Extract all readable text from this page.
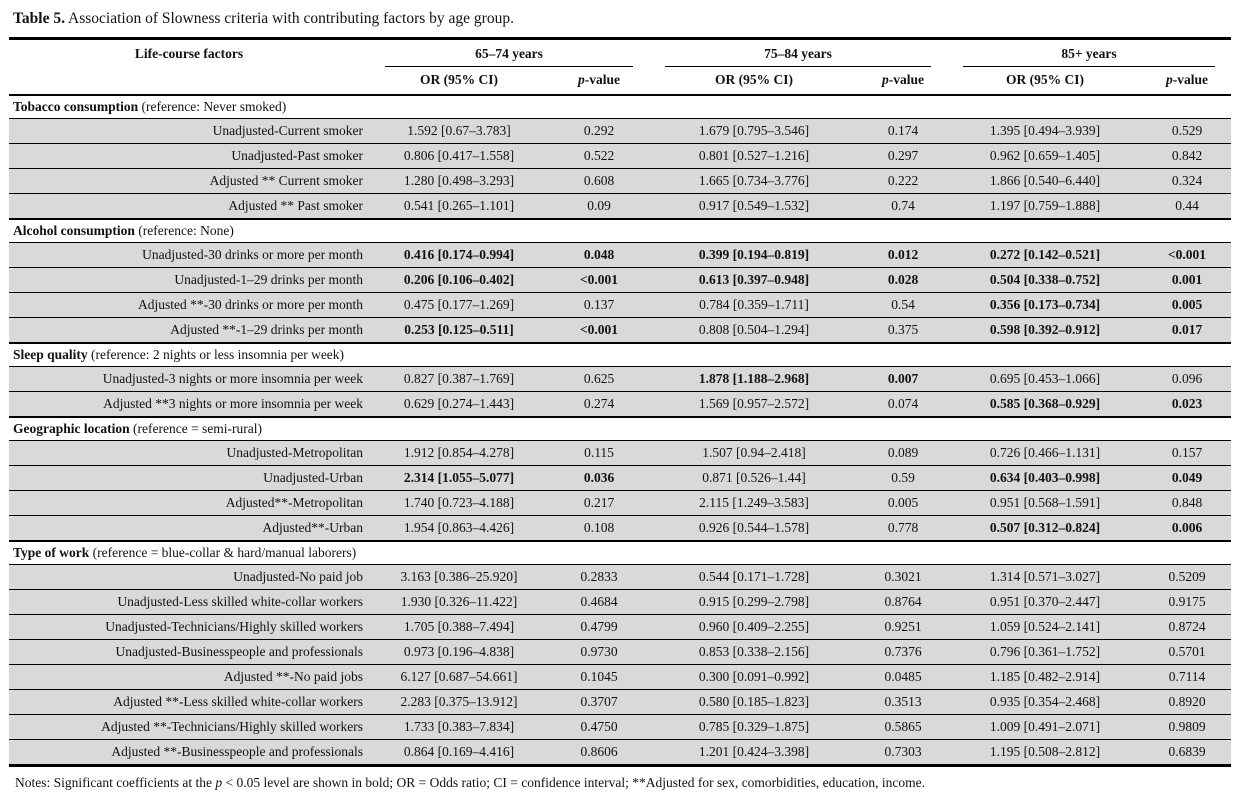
Table 5. Association of Slowness criteria with contributing factors by age group.
Life-course factors	65–74 years		75–84 years		85+ years	

	OR (95% CI)	p-value	OR (95% CI)	p-value	OR (95% CI)	p-value
Tobacco consumption (reference: Never smoked)						
Unadjusted-Current smoker	1.592 [0.67–3.783]	0.292	1.679 [0.795–3.546]	0.174	1.395 [0.494–3.939]	0.529
Unadjusted-Past smoker	0.806 [0.417–1.558]	0.522	0.801 [0.527–1.216]	0.297	0.962 [0.659–1.405]	0.842
Adjusted ** Current smoker	1.280 [0.498–3.293]	0.608	1.665 [0.734–3.776]	0.222	1.866 [0.540–6.440]	0.324
Adjusted ** Past smoker	0.541 [0.265–1.101]	0.09	0.917 [0.549–1.532]	0.74	1.197 [0.759–1.888]	0.44
Alcohol consumption (reference: None)						
Unadjusted-30 drinks or more per month	0.416 [0.174–0.994]	0.048	0.399 [0.194–0.819]	0.012	0.272 [0.142–0.521]	<0.001
Unadjusted-1–29 drinks per month	0.206 [0.106–0.402]	<0.001	0.613 [0.397–0.948]	0.028	0.504 [0.338–0.752]	0.001
Adjusted **-30 drinks or more per month	0.475 [0.177–1.269]	0.137	0.784 [0.359–1.711]	0.54	0.356 [0.173–0.734]	0.005
Adjusted **-1–29 drinks per month	0.253 [0.125–0.511]	<0.001	0.808 [0.504–1.294]	0.375	0.598 [0.392–0.912]	0.017
Sleep quality (reference: 2 nights or less insomnia per week)						
Unadjusted-3 nights or more insomnia per week	0.827 [0.387–1.769]	0.625	1.878 [1.188–2.968]	0.007	0.695 [0.453–1.066]	0.096
Adjusted **3 nights or more insomnia per week	0.629 [0.274–1.443]	0.274	1.569 [0.957–2.572]	0.074	0.585 [0.368–0.929]	0.023
Geographic location (reference = semi-rural)						
Unadjusted-Metropolitan	1.912 [0.854–4.278]	0.115	1.507 [0.94–2.418]	0.089	0.726 [0.466–1.131]	0.157
Unadjusted-Urban	2.314 [1.055–5.077]	0.036	0.871 [0.526–1.44]	0.59	0.634 [0.403–0.998]	0.049
Adjusted**-Metropolitan	1.740 [0.723–4.188]	0.217	2.115 [1.249–3.583]	0.005	0.951 [0.568–1.591]	0.848
Adjusted**-Urban	1.954 [0.863–4.426]	0.108	0.926 [0.544–1.578]	0.778	0.507 [0.312–0.824]	0.006
Type of work (reference = blue-collar & hard/manual laborers)						
Unadjusted-No paid job	3.163 [0.386–25.920]	0.2833	0.544 [0.171–1.728]	0.3021	1.314 [0.571–3.027]	0.5209
Unadjusted-Less skilled white-collar workers	1.930 [0.326–11.422]	0.4684	0.915 [0.299–2.798]	0.8764	0.951 [0.370–2.447]	0.9175
Unadjusted-Technicians/Highly skilled workers	1.705 [0.388–7.494]	0.4799	0.960 [0.409–2.255]	0.9251	1.059 [0.524–2.141]	0.8724
Unadjusted-Businesspeople and professionals	0.973 [0.196–4.838]	0.9730	0.853 [0.338–2.156]	0.7376	0.796 [0.361–1.752]	0.5701
Adjusted **-No paid jobs	6.127 [0.687–54.661]	0.1045	0.300 [0.091–0.992]	0.0485	1.185 [0.482–2.914]	0.7114
Adjusted **-Less skilled white-collar workers	2.283 [0.375–13.912]	0.3707	0.580 [0.185–1.823]	0.3513	0.935 [0.354–2.468]	0.8920
Adjusted **-Technicians/Highly skilled workers	1.733 [0.383–7.834]	0.4750	0.785 [0.329–1.875]	0.5865	1.009 [0.491–2.071]	0.9809
Adjusted **-Businesspeople and professionals	0.864 [0.169–4.416]	0.8606	1.201 [0.424–3.398]	0.7303	1.195 [0.508–2.812]	0.6839
Notes: Significant coefficients at the p < 0.05 level are shown in bold; OR = Odds ratio; CI = confidence interval; **Adjusted for sex, comorbidities, education, income.
